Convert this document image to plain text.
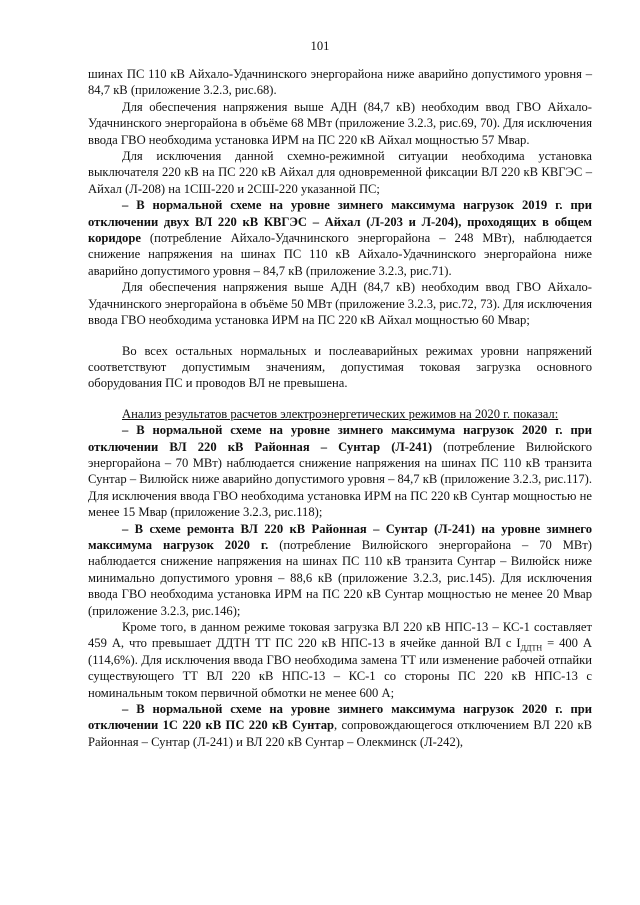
101

шинах ПС 110 кВ Айхало-Удачнинского энергорайона ниже аварийно допустимого уровня – 84,7 кВ (приложение 3.2.3, рис.68).

Для обеспечения напряжения выше АДН (84,7 кВ) необходим ввод ГВО Айхало-Удачнинского энергорайона в объёме 68 МВт (приложение 3.2.3, рис.69, 70). Для исключения ввода ГВО необходима установка ИРМ на ПС 220 кВ Айхал мощностью 57 Мвар.

Для исключения данной схемно-режимной ситуации необходима установка выключателя 220 кВ на ПС 220 кВ Айхал для одновременной фиксации ВЛ 220 кВ КВГЭС – Айхал (Л-208) на 1СШ-220 и 2СШ-220 указанной ПС;

– В нормальной схеме на уровне зимнего максимума нагрузок 2019 г. при отключении двух ВЛ 220 кВ КВГЭС – Айхал (Л-203 и Л-204), проходящих в общем коридоре (потребление Айхало-Удачнинского энергорайона – 248 МВт), наблюдается снижение напряжения на шинах ПС 110 кВ Айхало-Удачнинского энергорайона ниже аварийно допустимого уровня – 84,7 кВ (приложение 3.2.3, рис.71).

Для обеспечения напряжения выше АДН (84,7 кВ) необходим ввод ГВО Айхало-Удачнинского энергорайона в объёме 50 МВт (приложение 3.2.3, рис.72, 73). Для исключения ввода ГВО необходима установка ИРМ на ПС 220 кВ Айхал мощностью 60 Мвар;

Во всех остальных нормальных и послеаварийных режимах уровни напряжений соответствуют допустимым значениям, допустимая токовая загрузка основного оборудования ПС и проводов ВЛ не превышена.

Анализ результатов расчетов электроэнергетических режимов на 2020 г. показал:

– В нормальной схеме на уровне зимнего максимума нагрузок 2020 г. при отключении ВЛ 220 кВ Районная – Сунтар (Л-241) (потребление Вилюйского энергорайона – 70 МВт) наблюдается снижение напряжения на шинах ПС 110 кВ транзита Сунтар – Вилюйск ниже аварийно допустимого уровня – 84,7 кВ (приложение 3.2.3, рис.117). Для исключения ввода ГВО необходима установка ИРМ на ПС 220 кВ Сунтар мощностью не менее 15 Мвар (приложение 3.2.3, рис.118);

– В схеме ремонта ВЛ 220 кВ Районная – Сунтар (Л-241) на уровне зимнего максимума нагрузок 2020 г. (потребление Вилюйского энергорайона – 70 МВт) наблюдается снижение напряжения на шинах ПС 110 кВ транзита Сунтар – Вилюйск ниже минимально допустимого уровня – 88,6 кВ (приложение 3.2.3, рис.145). Для исключения ввода ГВО необходима установка ИРМ на ПС 220 кВ Сунтар мощностью не менее 20 Мвар (приложение 3.2.3, рис.146);

Кроме того, в данном режиме токовая загрузка ВЛ 220 кВ НПС-13 – КС-1 составляет 459 А, что превышает ДДТН ТТ ПС 220 кВ НПС-13 в ячейке данной ВЛ с $I_{ДДТН} = 400$ А (114,6%). Для исключения ввода ГВО необходима замена ТТ или изменение рабочей отпайки существующего ТТ ВЛ 220 кВ НПС-13 – КС-1 со стороны ПС 220 кВ НПС-13 с номинальным током первичной обмотки не менее 600 А;

– В нормальной схеме на уровне зимнего максимума нагрузок 2020 г. при отключении 1С 220 кВ ПС 220 кВ Сунтар, сопровождающегося отключением ВЛ 220 кВ Районная – Сунтар (Л-241) и ВЛ 220 кВ Сунтар – Олекминск (Л-242),
